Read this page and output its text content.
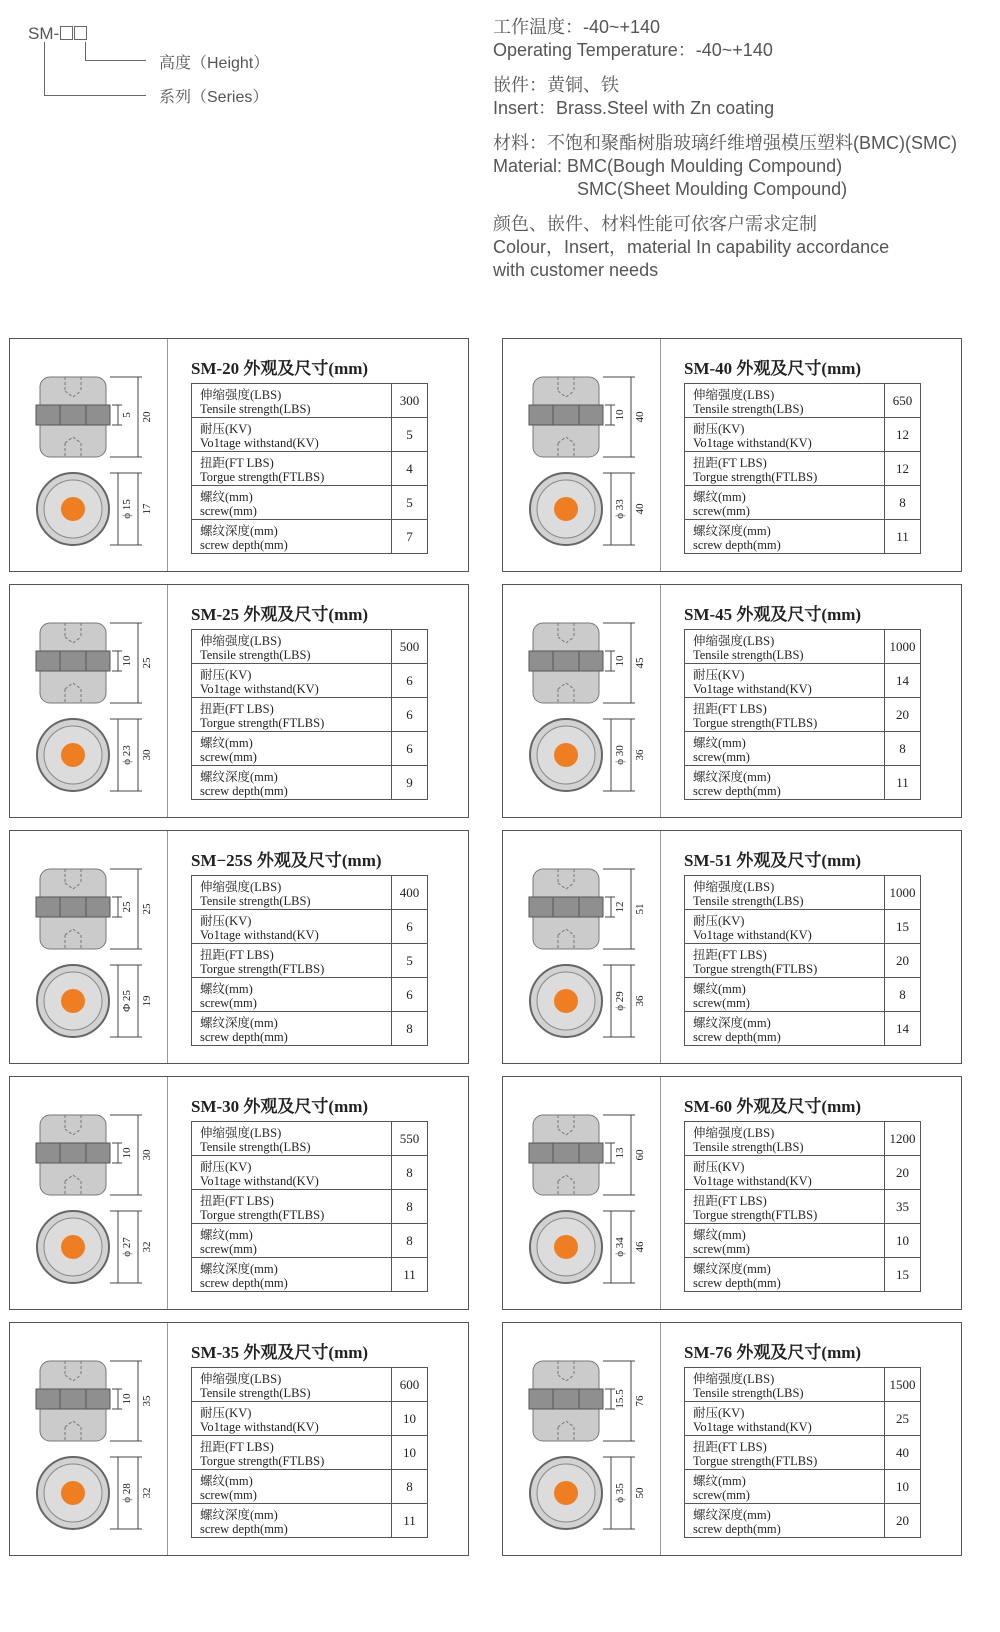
SM-
高度（Height）
系列（Series）
工作温度：-40~+140
Operating Temperature：-40~+140
嵌件：黄铜、铁
Insert：Brass.Steel with Zn coating
材料：不饱和聚酯树脂玻璃纤维增强模压塑料(BMC)(SMC)
Material: BMC(Bough Moulding Compound)
SMC(Sheet Moulding Compound)
颜色、嵌件、材料性能可依客户需求定制
Colour，Insert，material In capability accordance
with customer needs
5 20
ϕ 15 17
SM-20 外观及尺寸(mm)
伸缩强度(LBS)
Tensile strength(LBS)	300

耐压(KV)
Vo1tage withstand(KV)	5

扭距(FT LBS)
Torgue strength(FTLBS)	4

螺纹(mm)
screw(mm)	5

螺纹深度(mm)
screw depth(mm)	7
10 40
ϕ 33 40
SM-40 外观及尺寸(mm)
伸缩强度(LBS)
Tensile strength(LBS)	650

耐压(KV)
Vo1tage withstand(KV)	12

扭距(FT LBS)
Torgue strength(FTLBS)	12

螺纹(mm)
screw(mm)	8

螺纹深度(mm)
screw depth(mm)	11
10 25
ϕ 23 30
SM-25 外观及尺寸(mm)
伸缩强度(LBS)
Tensile strength(LBS)	500

耐压(KV)
Vo1tage withstand(KV)	6

扭距(FT LBS)
Torgue strength(FTLBS)	6

螺纹(mm)
screw(mm)	6

螺纹深度(mm)
screw depth(mm)	9
10 45
ϕ 30 36
SM-45 外观及尺寸(mm)
伸缩强度(LBS)
Tensile strength(LBS)	1000

耐压(KV)
Vo1tage withstand(KV)	14

扭距(FT LBS)
Torgue strength(FTLBS)	20

螺纹(mm)
screw(mm)	8

螺纹深度(mm)
screw depth(mm)	11
25 25
Φ 25 19
SM−25S 外观及尺寸(mm)
伸缩强度(LBS)
Tensile strength(LBS)	400

耐压(KV)
Vo1tage withstand(KV)	6

扭距(FT LBS)
Torgue strength(FTLBS)	5

螺纹(mm)
screw(mm)	6

螺纹深度(mm)
screw depth(mm)	8
12 51
ϕ 29 36
SM-51 外观及尺寸(mm)
伸缩强度(LBS)
Tensile strength(LBS)	1000

耐压(KV)
Vo1tage withstand(KV)	15

扭距(FT LBS)
Torgue strength(FTLBS)	20

螺纹(mm)
screw(mm)	8

螺纹深度(mm)
screw depth(mm)	14
10 30
ϕ 27 32
SM-30 外观及尺寸(mm)
伸缩强度(LBS)
Tensile strength(LBS)	550

耐压(KV)
Vo1tage withstand(KV)	8

扭距(FT LBS)
Torgue strength(FTLBS)	8

螺纹(mm)
screw(mm)	8

螺纹深度(mm)
screw depth(mm)	11
13 60
ϕ 34 46
SM-60 外观及尺寸(mm)
伸缩强度(LBS)
Tensile strength(LBS)	1200

耐压(KV)
Vo1tage withstand(KV)	20

扭距(FT LBS)
Torgue strength(FTLBS)	35

螺纹(mm)
screw(mm)	10

螺纹深度(mm)
screw depth(mm)	15
10 35
ϕ 28 32
SM-35 外观及尺寸(mm)
伸缩强度(LBS)
Tensile strength(LBS)	600

耐压(KV)
Vo1tage withstand(KV)	10

扭距(FT LBS)
Torgue strength(FTLBS)	10

螺纹(mm)
screw(mm)	8

螺纹深度(mm)
screw depth(mm)	11
15.5 76
ϕ 35 50
SM-76 外观及尺寸(mm)
伸缩强度(LBS)
Tensile strength(LBS)	1500

耐压(KV)
Vo1tage withstand(KV)	25

扭距(FT LBS)
Torgue strength(FTLBS)	40

螺纹(mm)
screw(mm)	10

螺纹深度(mm)
screw depth(mm)	20
